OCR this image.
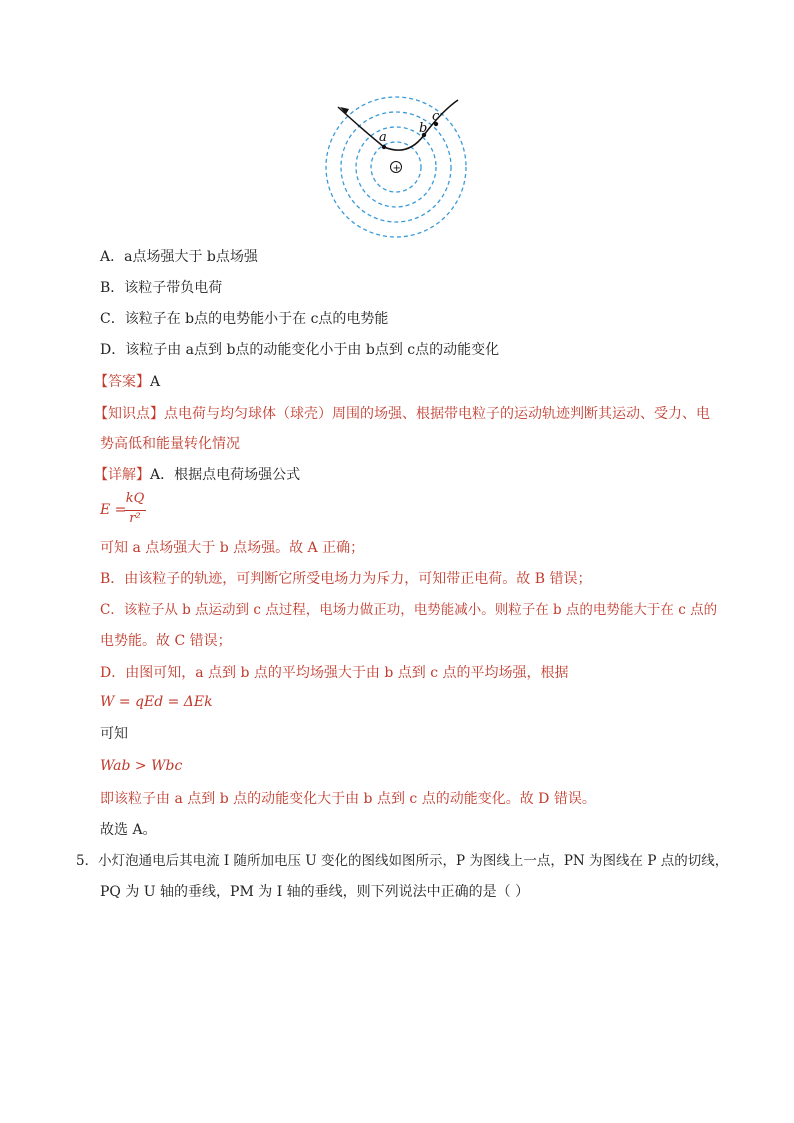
a
b
c
+
A．a点场强大于 b点场强
B．该粒子带负电荷
C．该粒子在 b点的电势能小于在 c点的电势能
D．该粒子由 a点到 b点的动能变化小于由 b点到 c点的动能变化
【答案】A
【知识点】点电荷与均匀球体（球壳）周围的场强、根据带电粒子的运动轨迹判断其运动、受力、电
势高低和能量转化情况
【详解】A．根据点电荷场强公式
E =
kQ
r²
可知 a 点场强大于 b 点场强。故 A 正确；
B．由该粒子的轨迹，可判断它所受电场力为斥力，可知带正电荷。故 B 错误；
C．该粒子从 b 点运动到 c 点过程，电场力做正功，电势能减小。则粒子在 b 点的电势能大于在 c 点的
电势能。故 C 错误；
D．由图可知，a 点到 b 点的平均场强大于由 b 点到 c 点的平均场强，根据
W = qEd = ΔEk
可知
Wab > Wbc
即该粒子由 a 点到 b 点的动能变化大于由 b 点到 c 点的动能变化。故 D 错误。
故选 A。
5．小灯泡通电后其电流 I 随所加电压 U 变化的图线如图所示，P 为图线上一点，PN 为图线在 P 点的切线，
PQ 为 U 轴的垂线，PM 为 I 轴的垂线，则下列说法中正确的是（ ）
